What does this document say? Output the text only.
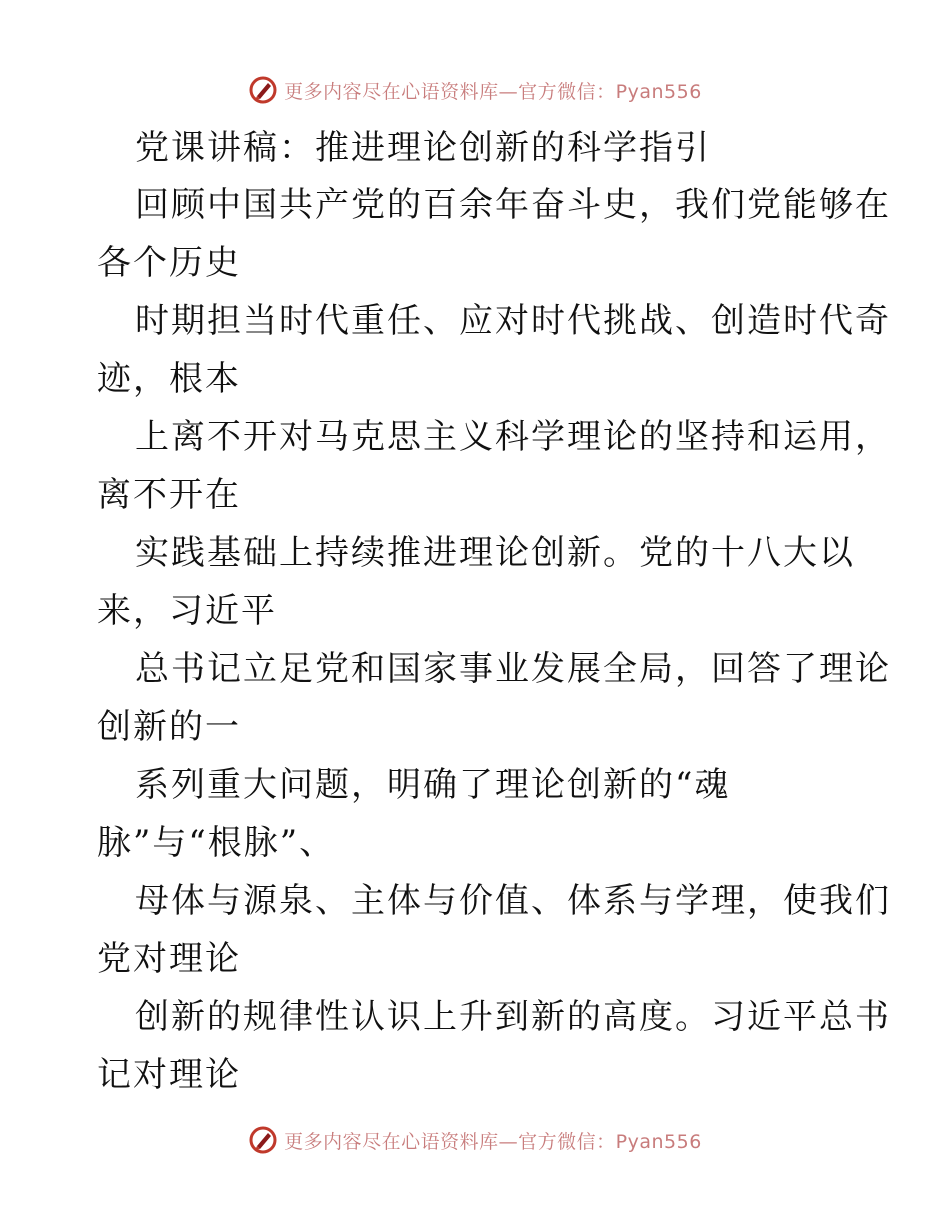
更多内容尽在心语资料库—官方微信：Pyan556
党课讲稿：推进理论创新的科学指引
回顾中国共产党的百余年奋斗史，我们党能够在
各个历史
时期担当时代重任、应对时代挑战、创造时代奇
迹，根本
上离不开对马克思主义科学理论的坚持和运用，
离不开在
实践基础上持续推进理论创新。党的十八大以
来，习近平
总书记立足党和国家事业发展全局，回答了理论
创新的一
系列重大问题，明确了理论创新的“魂
脉”与“根脉”、
母体与源泉、主体与价值、体系与学理，使我们
党对理论
创新的规律性认识上升到新的高度。习近平总书
记对理论
更多内容尽在心语资料库—官方微信：Pyan556
